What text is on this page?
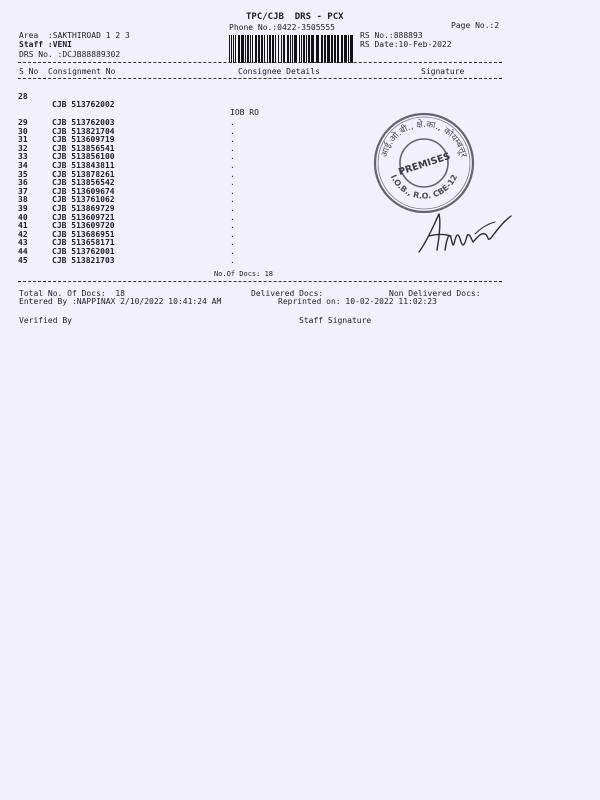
TPC/CJB  DRS - PCX
Phone No.:0422-3505555	Page No.:2
Area  :SAKTHIROAD 1 2 3
Staff :VENI
DRS No. :DCJB88889302
RS No.:888893
RS Date:10-Feb-2022
S No Consignment No	Consignee Details	Signature

28

CJB 513762002

IOB RO

29	CJB 513762003	.
30	CJB 513821704	.
31	CJB 513609719	.
32	CJB 513856541	.
33	CJB 513856100	.
34	CJB 513843811	.
35	CJB 513878261	.
36	CJB 513856542	.
37	CJB 513609674	.
38	CJB 513761062	.
39	CJB 513869729	.
40	CJB 513609721	.
41	CJB 513609720	.
42	CJB 513686951	.
43	CJB 513658171	.
44	CJB 513762001	.
45	CJB 513821703	.
No.Of Docs: 18
Total No. Of Docs:  18	Delivered Docs:	Non Delivered Docs:
Entered By :NAPPINAX 2/10/2022 10:41:24 AM	Reprinted on: 10-02-2022 11:02:23
Verified By	Staff Signature
आई.ओ.बी., क्षे.का., कोयम्बत्तूर
PREMISES
I.O.B., R.O. CBE-12
